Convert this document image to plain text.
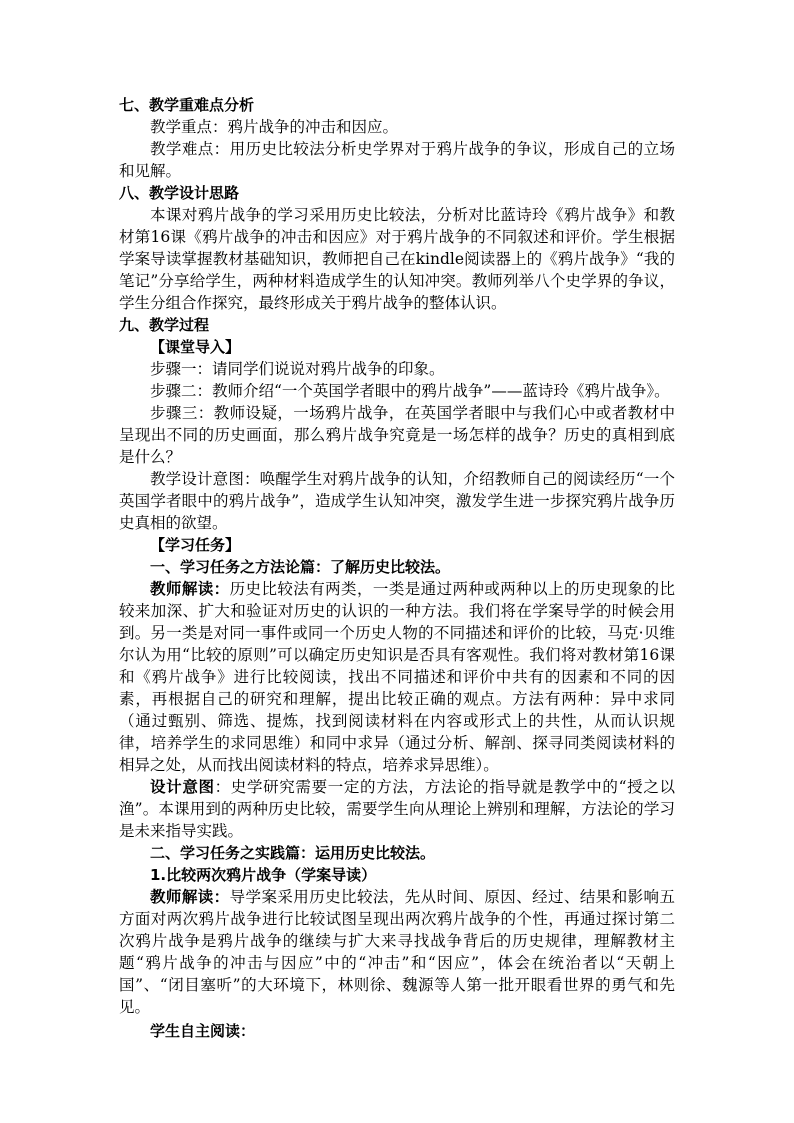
七、教学重难点分析

教学重点：鸦片战争的冲击和因应。

教学难点：用历史比较法分析史学界对于鸦片战争的争议，形成自己的立场和见解。

八、教学设计思路

本课对鸦片战争的学习采用历史比较法，分析对比蓝诗玲《鸦片战争》和教材第16课《鸦片战争的冲击和因应》对于鸦片战争的不同叙述和评价。学生根据学案导读掌握教材基础知识，教师把自己在kindle阅读器上的《鸦片战争》“我的笔记”分享给学生，两种材料造成学生的认知冲突。教师列举八个史学界的争议，学生分组合作探究，最终形成关于鸦片战争的整体认识。

九、教学过程

【课堂导入】

步骤一：请同学们说说对鸦片战争的印象。

步骤二：教师介绍“一个英国学者眼中的鸦片战争”——蓝诗玲《鸦片战争》。

步骤三：教师设疑，一场鸦片战争，在英国学者眼中与我们心中或者教材中呈现出不同的历史画面，那么鸦片战争究竟是一场怎样的战争？历史的真相到底是什么？

教学设计意图：唤醒学生对鸦片战争的认知，介绍教师自己的阅读经历“一个英国学者眼中的鸦片战争”，造成学生认知冲突，激发学生进一步探究鸦片战争历史真相的欲望。

【学习任务】

一、学习任务之方法论篇：了解历史比较法。

教师解读：历史比较法有两类，一类是通过两种或两种以上的历史现象的比较来加深、扩大和验证对历史的认识的一种方法。我们将在学案导学的时候会用到。另一类是对同一事件或同一个历史人物的不同描述和评价的比较，马克·贝维尔认为用“比较的原则”可以确定历史知识是否具有客观性。我们将对教材第16课和《鸦片战争》进行比较阅读，找出不同描述和评价中共有的因素和不同的因素，再根据自己的研究和理解，提出比较正确的观点。方法有两种：异中求同（通过甄别、筛选、提炼，找到阅读材料在内容或形式上的共性，从而认识规律，培养学生的求同思维）和同中求异（通过分析、解剖、探寻同类阅读材料的相异之处，从而找出阅读材料的特点，培养求异思维）。

设计意图：史学研究需要一定的方法，方法论的指导就是教学中的“授之以渔”。本课用到的两种历史比较，需要学生向从理论上辨别和理解，方法论的学习是未来指导实践。

二、学习任务之实践篇：运用历史比较法。

1.比较两次鸦片战争（学案导读）

教师解读：导学案采用历史比较法，先从时间、原因、经过、结果和影响五方面对两次鸦片战争进行比较试图呈现出两次鸦片战争的个性，再通过探讨第二次鸦片战争是鸦片战争的继续与扩大来寻找战争背后的历史规律，理解教材主题“鸦片战争的冲击与因应”中的“冲击”和“因应”，体会在统治者以“天朝上国”、“闭目塞听”的大环境下，林则徐、魏源等人第一批开眼看世界的勇气和先见。

学生自主阅读：
